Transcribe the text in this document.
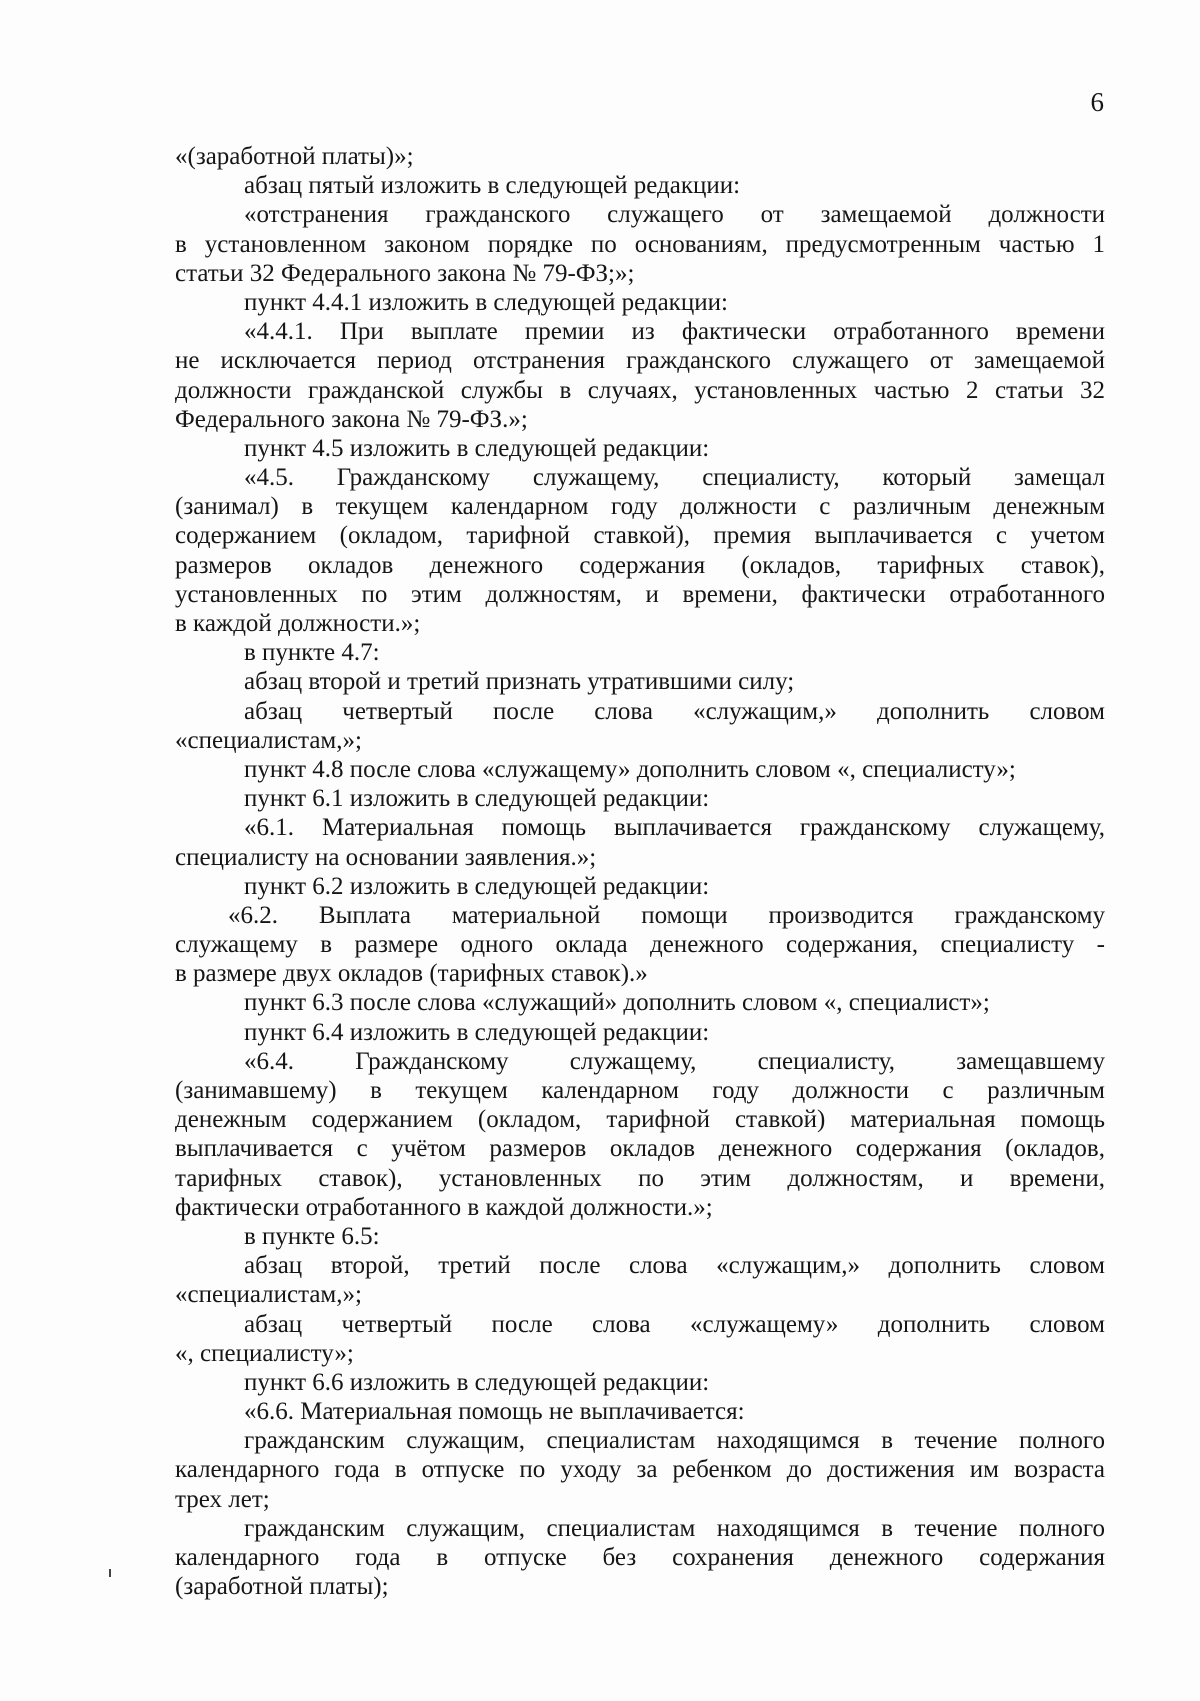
6
«(заработной платы)»;
абзац пятый изложить в следующей редакции:
«отстранения гражданского служащего от замещаемой должности
в установленном законом порядке по основаниям, предусмотренным частью 1
статьи 32 Федерального закона № 79-ФЗ;»;
пункт 4.4.1 изложить в следующей редакции:
«4.4.1. При выплате премии из фактически отработанного времени
не исключается период отстранения гражданского служащего от замещаемой
должности гражданской службы в случаях, установленных частью 2 статьи 32
Федерального закона № 79-ФЗ.»;
пункт 4.5 изложить в следующей редакции:
«4.5. Гражданскому служащему, специалисту, который замещал
(занимал) в текущем календарном году должности с различным денежным
содержанием (окладом, тарифной ставкой), премия выплачивается с учетом
размеров окладов денежного содержания (окладов, тарифных ставок),
установленных по этим должностям, и времени, фактически отработанного
в каждой должности.»;
в пункте 4.7:
абзац второй и третий признать утратившими силу;
абзац четвертый после слова «служащим,» дополнить словом
«специалистам,»;
пункт 4.8 после слова «служащему» дополнить словом «, специалисту»;
пункт 6.1 изложить в следующей редакции:
«6.1. Материальная помощь выплачивается гражданскому служащему,
специалисту на основании заявления.»;
пункт 6.2 изложить в следующей редакции:
«6.2. Выплата материальной помощи производится гражданскому
служащему в размере одного оклада денежного содержания, специалисту -
в размере двух окладов (тарифных ставок).»
пункт 6.3 после слова «служащий» дополнить словом «, специалист»;
пункт 6.4 изложить в следующей редакции:
«6.4. Гражданскому служащему, специалисту, замещавшему
(занимавшему) в текущем календарном году должности с различным
денежным содержанием (окладом, тарифной ставкой) материальная помощь
выплачивается с учётом размеров окладов денежного содержания (окладов,
тарифных ставок), установленных по этим должностям, и времени,
фактически отработанного в каждой должности.»;
в пункте 6.5:
абзац второй, третий после слова «служащим,» дополнить словом
«специалистам,»;
абзац четвертый после слова «служащему» дополнить словом
«, специалисту»;
пункт 6.6 изложить в следующей редакции:
«6.6. Материальная помощь не выплачивается:
гражданским служащим, специалистам находящимся в течение полного
календарного года в отпуске по уходу за ребенком до достижения им возраста
трех лет;
гражданским служащим, специалистам находящимся в течение полного
календарного года в отпуске без сохранения денежного содержания
(заработной платы);
